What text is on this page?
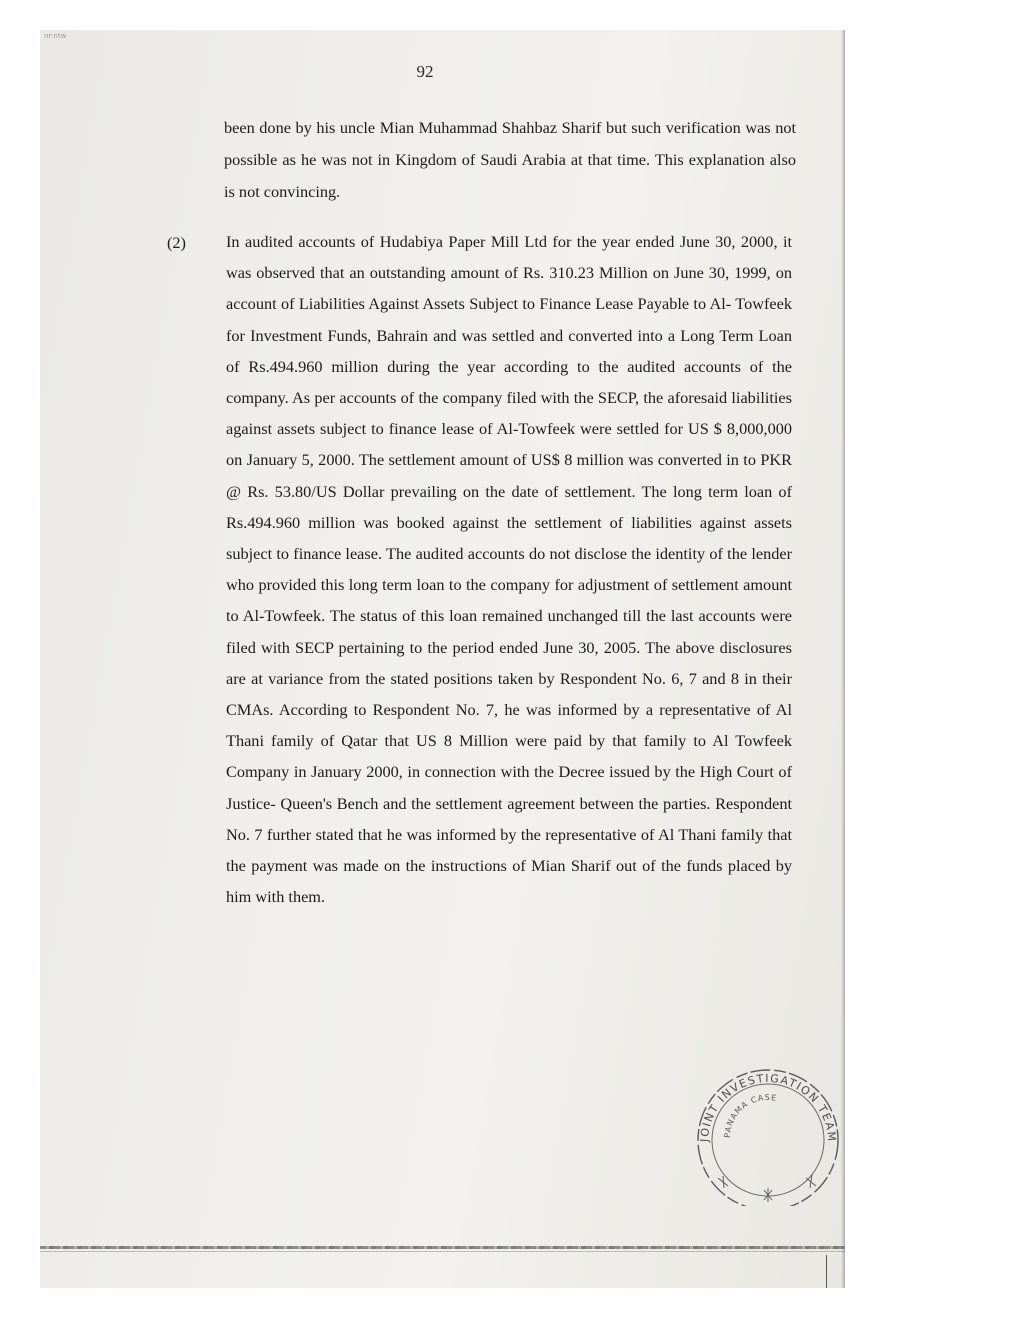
nr-ntw
92
been done by his uncle Mian Muhammad Shahbaz Sharif but such verification was not possible as he was not in Kingdom of Saudi Arabia at that time. This explanation also is not convincing.
(2) In audited accounts of Hudabiya Paper Mill Ltd for the year ended June 30, 2000, it was observed that an outstanding amount of Rs. 310.23 Million on June 30, 1999, on account of Liabilities Against Assets Subject to Finance Lease Payable to Al- Towfeek for Investment Funds, Bahrain and was settled and converted into a Long Term Loan of Rs.494.960 million during the year according to the audited accounts of the company. As per accounts of the company filed with the SECP, the aforesaid liabilities against assets subject to finance lease of Al-Towfeek were settled for US $ 8,000,000 on January 5, 2000. The settlement amount of US$ 8 million was converted in to PKR @ Rs. 53.80/US Dollar prevailing on the date of settlement. The long term loan of Rs.494.960 million was booked against the settlement of liabilities against assets subject to finance lease. The audited accounts do not disclose the identity of the lender who provided this long term loan to the company for adjustment of settlement amount to Al-Towfeek. The status of this loan remained unchanged till the last accounts were filed with SECP pertaining to the period ended June 30, 2005. The above disclosures are at variance from the stated positions taken by Respondent No. 6, 7 and 8 in their CMAs. According to Respondent No. 7, he was informed by a representative of Al Thani family of Qatar that US 8 Million were paid by that family to Al Towfeek Company in January 2000, in connection with the Decree issued by the High Court of Justice- Queen's Bench and the settlement agreement between the parties. Respondent No. 7 further stated that he was informed by the representative of Al Thani family that the payment was made on the instructions of Mian Sharif out of the funds placed by him with them.
JOINT INVESTIGATION TEAM
PANAMA CASE
